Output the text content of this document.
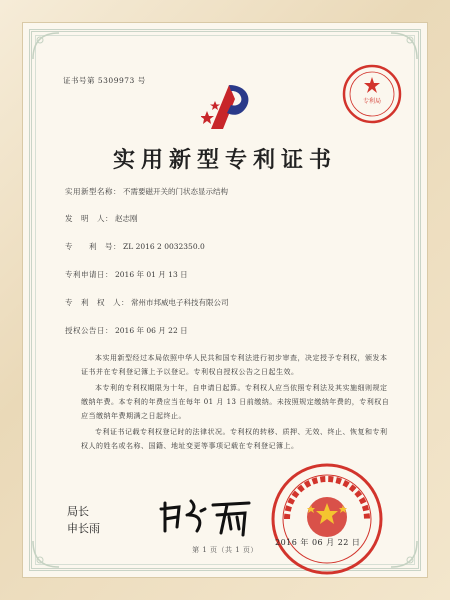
证书号第 5309973 号
专利局
实用新型专利证书
实用新型名称： 不需要磁开关的门状态显示结构
发　明　人： 赵志刚
专　　利　号： ZL 2016 2 0032350.0
专利申请日： 2016 年 01 月 13 日
专　利　权　人： 常州市邦威电子科技有限公司
授权公告日： 2016 年 06 月 22 日
本实用新型经过本局依照中华人民共和国专利法进行初步审查，决定授予专利权，颁发本证书并在专利登记簿上予以登记。专利权自授权公告之日起生效。
本专利的专利权期限为十年，自申请日起算。专利权人应当依照专利法及其实施细则规定缴纳年费。本专利的年费应当在每年 01 月 13 日前缴纳。未按照规定缴纳年费的，专利权自应当缴纳年费期满之日起终止。
专利证书记载专利权登记时的法律状况。专利权的转移、质押、无效、终止、恢复和专利权人的姓名或名称、国籍、地址变更等事项记载在专利登记簿上。
局长
申长雨
2016 年 06 月 22 日
第 1 页（共 1 页）
